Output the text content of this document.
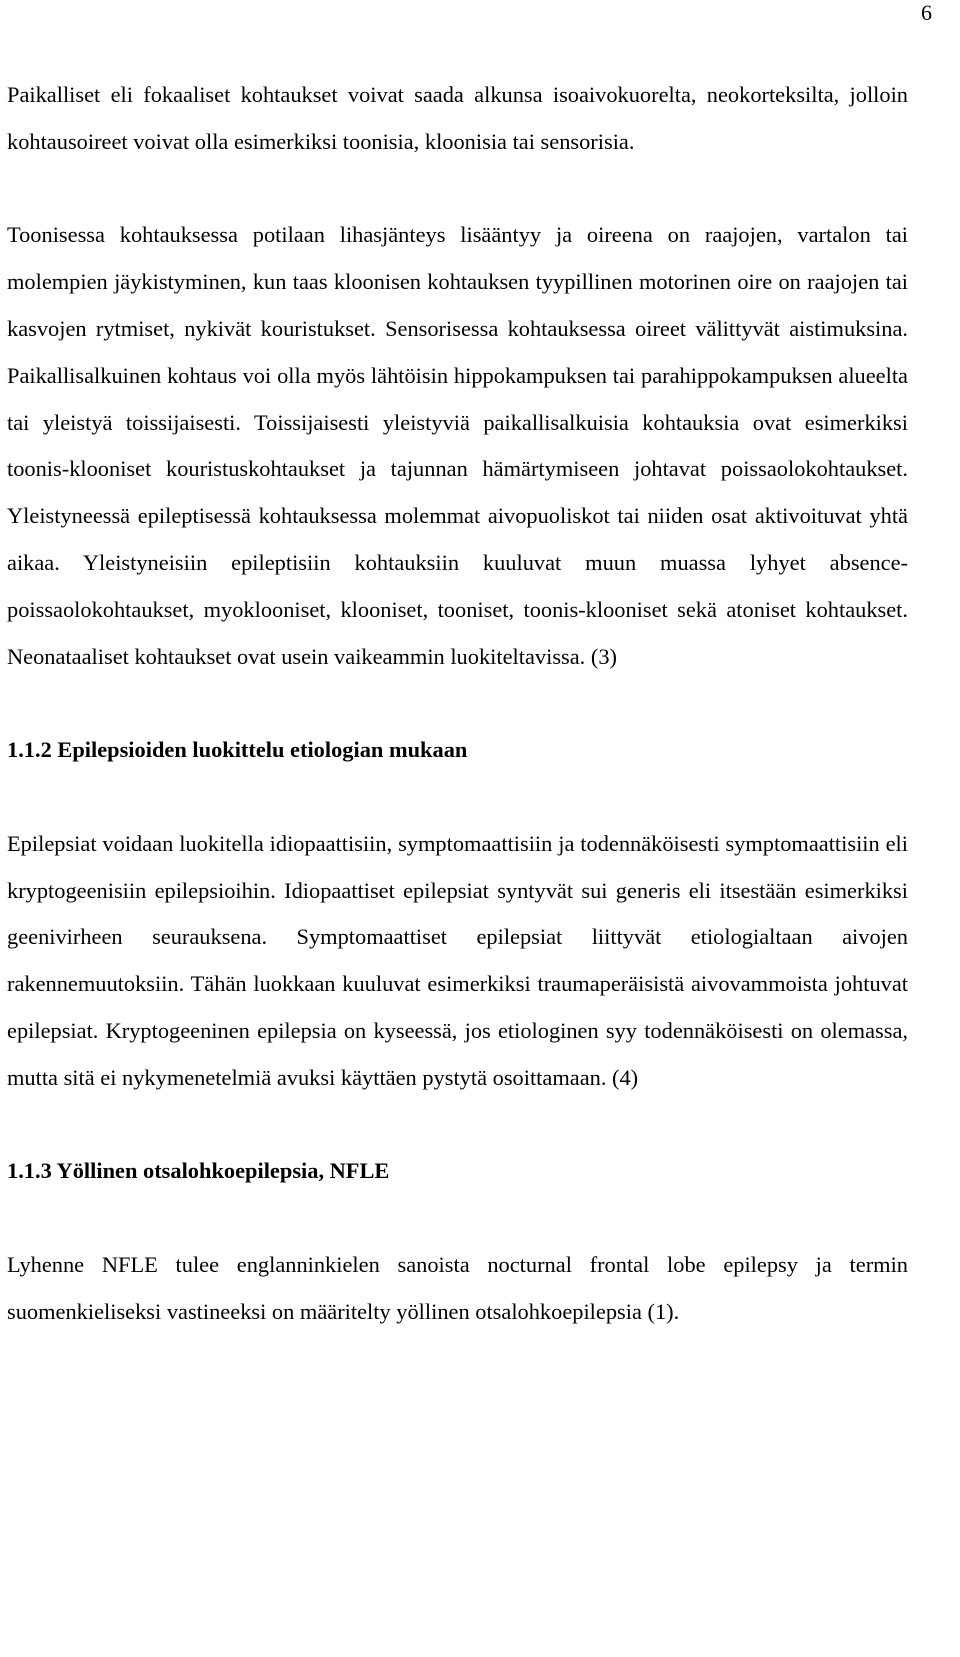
6

Paikalliset eli fokaaliset kohtaukset voivat saada alkunsa isoaivokuorelta, neokorteksilta, jolloin kohtausoireet voivat olla esimerkiksi toonisia, kloonisia tai sensorisia.

Toonisessa kohtauksessa potilaan lihasjänteys lisääntyy ja oireena on raajojen, vartalon tai molempien jäykistyminen, kun taas kloonisen kohtauksen tyypillinen motorinen oire on raajojen tai kasvojen rytmiset, nykivät kouristukset. Sensorisessa kohtauksessa oireet välittyvät aistimuksina. Paikallisalkuinen kohtaus voi olla myös lähtöisin hippokampuksen tai parahippokampuksen alueelta tai yleistyä toissijaisesti. Toissijaisesti yleistyviä paikallisalkuisia kohtauksia ovat esimerkiksi toonis-klooniset kouristuskohtaukset ja tajunnan hämärtymiseen johtavat poissaolokohtaukset. Yleistyneessä epileptisessä kohtauksessa molemmat aivopuoliskot tai niiden osat aktivoituvat yhtä aikaa. Yleistyneisiin epileptisiin kohtauksiin kuuluvat muun muassa lyhyet absence-poissaolokohtaukset, myoklooniset, klooniset, tooniset, toonis-klooniset sekä atoniset kohtaukset. Neonataaliset kohtaukset ovat usein vaikeammin luokiteltavissa. (3)

1.1.2 Epilepsioiden luokittelu etiologian mukaan

Epilepsiat voidaan luokitella idiopaattisiin, symptomaattisiin ja todennäköisesti symptomaattisiin eli kryptogeenisiin epilepsioihin. Idiopaattiset epilepsiat syntyvät sui generis eli itsestään esimerkiksi geenivirheen seurauksena. Symptomaattiset epilepsiat liittyvät etiologialtaan aivojen rakennemuutoksiin. Tähän luokkaan kuuluvat esimerkiksi traumaperäisistä aivovammoista johtuvat epilepsiat. Kryptogeeninen epilepsia on kyseessä, jos etiologinen syy todennäköisesti on olemassa, mutta sitä ei nykymenetelmiä avuksi käyttäen pystytä osoittamaan. (4)

1.1.3 Yöllinen otsalohkoepilepsia, NFLE

Lyhenne NFLE tulee englanninkielen sanoista nocturnal frontal lobe epilepsy ja termin suomenkieliseksi vastineeksi on määritelty yöllinen otsalohkoepilepsia (1).
